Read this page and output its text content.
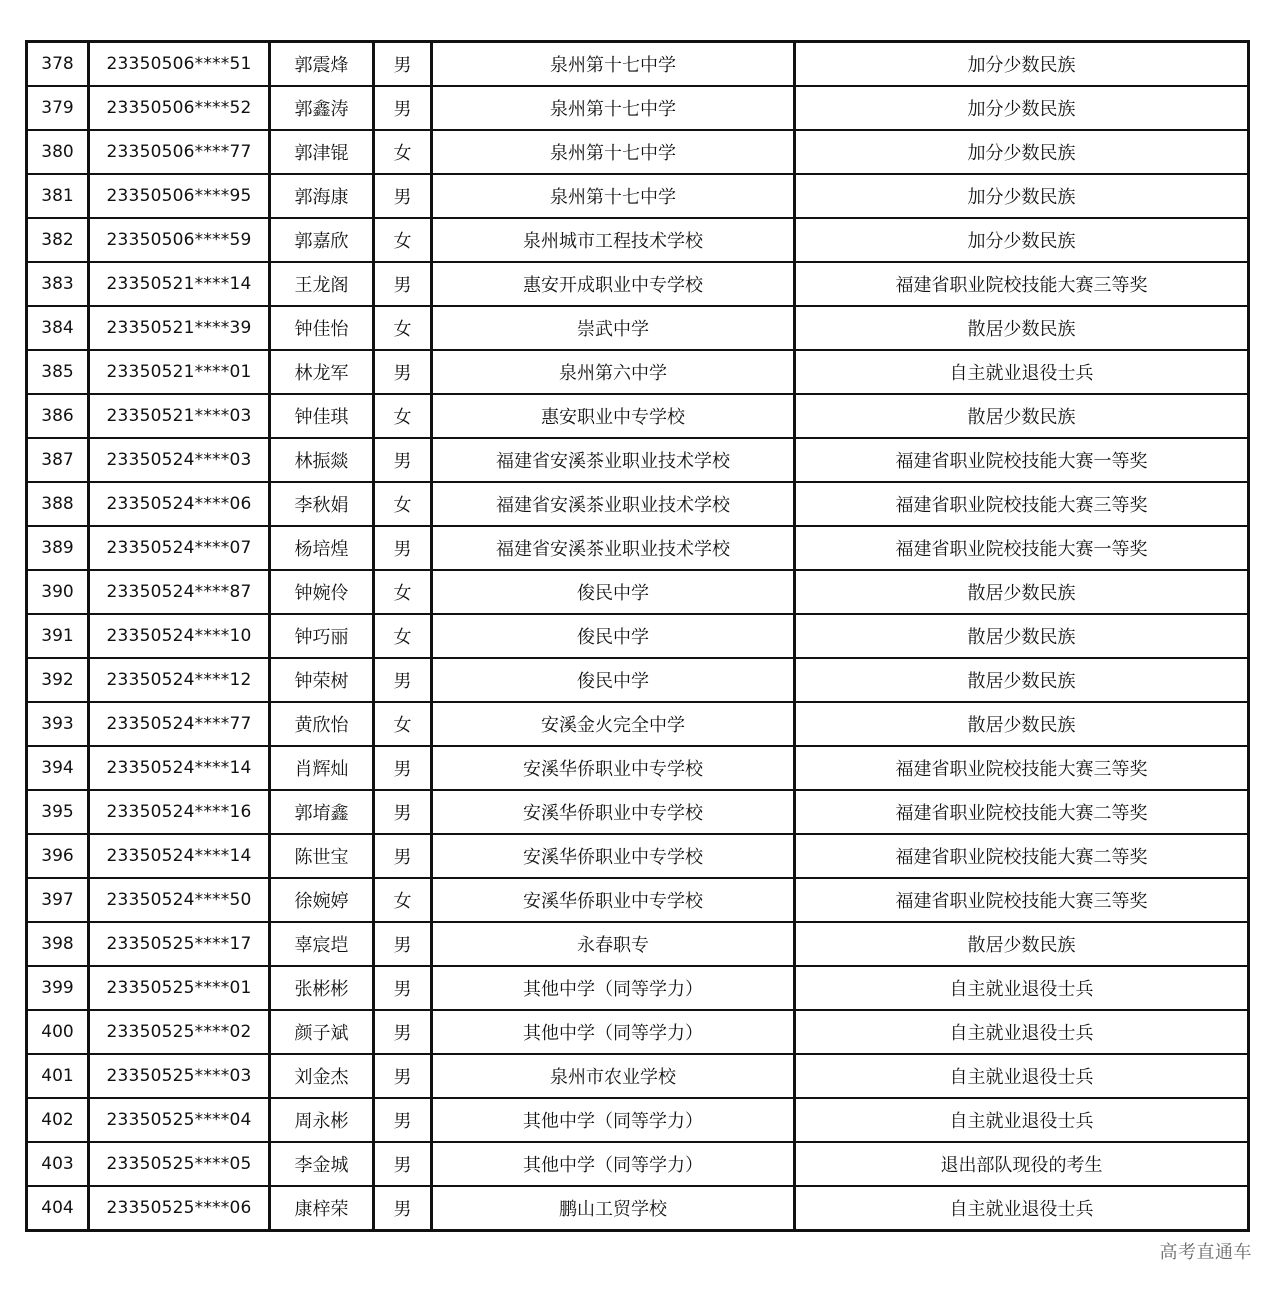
378	23350506****51	郭震烽	男	泉州第十七中学	加分少数民族
379	23350506****52	郭鑫涛	男	泉州第十七中学	加分少数民族
380	23350506****77	郭津锟	女	泉州第十七中学	加分少数民族
381	23350506****95	郭海康	男	泉州第十七中学	加分少数民族
382	23350506****59	郭嘉欣	女	泉州城市工程技术学校	加分少数民族
383	23350521****14	王龙阁	男	惠安开成职业中专学校	福建省职业院校技能大赛三等奖
384	23350521****39	钟佳怡	女	崇武中学	散居少数民族
385	23350521****01	林龙军	男	泉州第六中学	自主就业退役士兵
386	23350521****03	钟佳琪	女	惠安职业中专学校	散居少数民族
387	23350524****03	林振燚	男	福建省安溪茶业职业技术学校	福建省职业院校技能大赛一等奖
388	23350524****06	李秋娟	女	福建省安溪茶业职业技术学校	福建省职业院校技能大赛三等奖
389	23350524****07	杨培煌	男	福建省安溪茶业职业技术学校	福建省职业院校技能大赛一等奖
390	23350524****87	钟婉伶	女	俊民中学	散居少数民族
391	23350524****10	钟巧丽	女	俊民中学	散居少数民族
392	23350524****12	钟荣树	男	俊民中学	散居少数民族
393	23350524****77	黄欣怡	女	安溪金火完全中学	散居少数民族
394	23350524****14	肖辉灿	男	安溪华侨职业中专学校	福建省职业院校技能大赛三等奖
395	23350524****16	郭堉鑫	男	安溪华侨职业中专学校	福建省职业院校技能大赛二等奖
396	23350524****14	陈世宝	男	安溪华侨职业中专学校	福建省职业院校技能大赛二等奖
397	23350524****50	徐婉婷	女	安溪华侨职业中专学校	福建省职业院校技能大赛三等奖
398	23350525****17	辜宸垲	男	永春职专	散居少数民族
399	23350525****01	张彬彬	男	其他中学（同等学力）	自主就业退役士兵
400	23350525****02	颜子斌	男	其他中学（同等学力）	自主就业退役士兵
401	23350525****03	刘金杰	男	泉州市农业学校	自主就业退役士兵
402	23350525****04	周永彬	男	其他中学（同等学力）	自主就业退役士兵
403	23350525****05	李金城	男	其他中学（同等学力）	退出部队现役的考生
404	23350525****06	康梓荣	男	鹏山工贸学校	自主就业退役士兵
高考直通车
